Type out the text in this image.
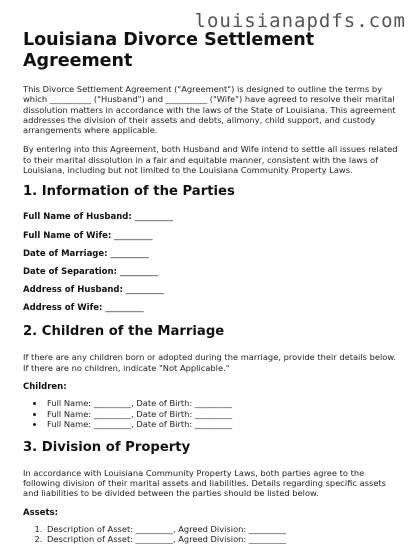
louisianapdfs.com
Louisiana Divorce Settlement Agreement

This Divorce Settlement Agreement ("Agreement") is designed to outline the terms by which __________ ("Husband") and __________ ("Wife") have agreed to resolve their marital dissolution matters in accordance with the laws of the State of Louisiana. This agreement addresses the division of their assets and debts, alimony, child support, and custody arrangements where applicable.

By entering into this Agreement, both Husband and Wife intend to settle all issues related to their marital dissolution in a fair and equitable manner, consistent with the laws of Louisiana, including but not limited to the Louisiana Community Property Laws.

1. Information of the Parties
Full Name of Husband: _________
Full Name of Wife: _________
Date of Marriage: _________
Date of Separation: _________
Address of Husband: _________
Address of Wife: _________
2. Children of the Marriage

If there are any children born or adopted during the marriage, provide their details below. If there are no children, indicate "Not Applicable."

Children:
• Full Name: _________, Date of Birth: _________
• Full Name: _________, Date of Birth: _________
• Full Name: _________, Date of Birth: _________
3. Division of Property

In accordance with Louisiana Community Property Laws, both parties agree to the following division of their marital assets and liabilities. Details regarding specific assets and liabilities to be divided between the parties should be listed below.

Assets:
1. Description of Asset: _________, Agreed Division: _________
2. Description of Asset: _________, Agreed Division: _________
